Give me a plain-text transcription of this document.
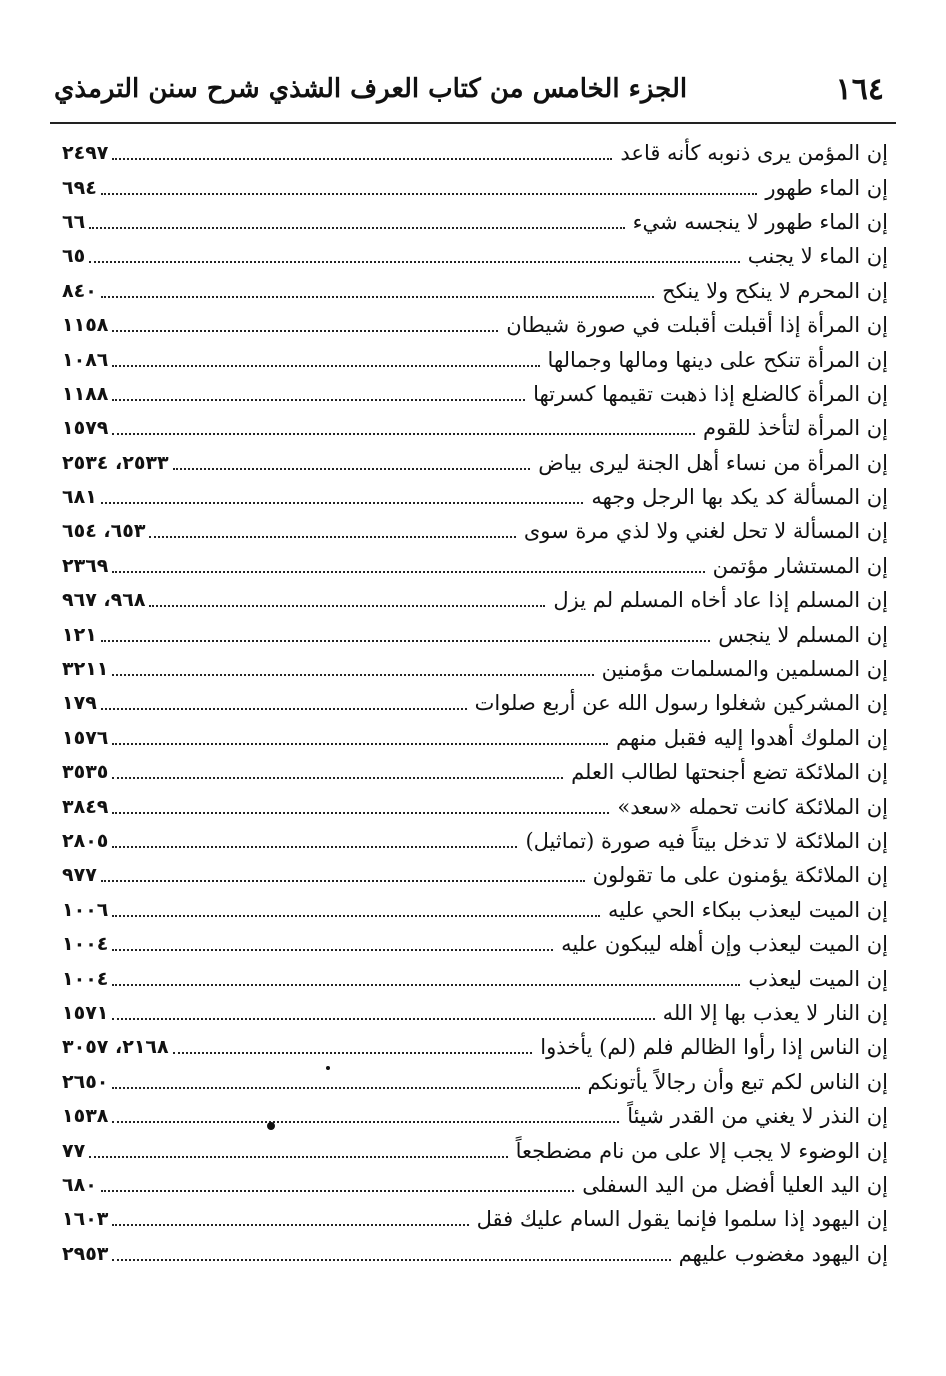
١٦٤
الجزء الخامس من كتاب العرف الشذي شرح سنن الترمذي
إن المؤمن يرى ذنوبه كأنه قاعد
٢٤٩٧
إن الماء طهور
٦٩٤
إن الماء طهور لا ينجسه شيء
٦٦
إن الماء لا يجنب
٦٥
إن المحرم لا ينكح ولا ينكح
٨٤٠
إن المرأة إذا أقبلت أقبلت في صورة شيطان
١١٥٨
إن المرأة تنكح على دينها ومالها وجمالها
١٠٨٦
إن المرأة كالضلع إذا ذهبت تقيمها كسرتها
١١٨٨
إن المرأة لتأخذ للقوم
١٥٧٩
إن المرأة من نساء أهل الجنة ليرى بياض
٢٥٣٣، ٢٥٣٤
إن المسألة كد يكد بها الرجل وجهه
٦٨١
إن المسألة لا تحل لغني ولا لذي مرة سوى
٦٥٣، ٦٥٤
إن المستشار مؤتمن
٢٣٦٩
إن المسلم إذا عاد أخاه المسلم لم يزل
٩٦٨، ٩٦٧
إن المسلم لا ينجس
١٢١
إن المسلمين والمسلمات مؤمنين
٣٢١١
إن المشركين شغلوا رسول الله عن أربع صلوات
١٧٩
إن الملوك أهدوا إليه فقبل منهم
١٥٧٦
إن الملائكة تضع أجنحتها لطالب العلم
٣٥٣٥
إن الملائكة كانت تحمله «سعد»
٣٨٤٩
إن الملائكة لا تدخل بيتاً فيه صورة (تماثيل)
٢٨٠٥
إن الملائكة يؤمنون على ما تقولون
٩٧٧
إن الميت ليعذب ببكاء الحي عليه
١٠٠٦
إن الميت ليعذب وإن أهله ليبكون عليه
١٠٠٤
إن الميت ليعذب
١٠٠٤
إن النار لا يعذب بها إلا الله
١٥٧١
إن الناس إذا رأوا الظالم فلم (لم) يأخذوا
٢١٦٨، ٣٠٥٧
إن الناس لكم تبع وأن رجالاً يأتونكم
٢٦٥٠
إن النذر لا يغني من القدر شيئاً
١٥٣٨
إن الوضوء لا يجب إلا على من نام مضطجعاً
٧٧
إن اليد العليا أفضل من اليد السفلى
٦٨٠
إن اليهود إذا سلموا فإنما يقول السام عليك فقل
١٦٠٣
إن اليهود مغضوب عليهم
٢٩٥٣
